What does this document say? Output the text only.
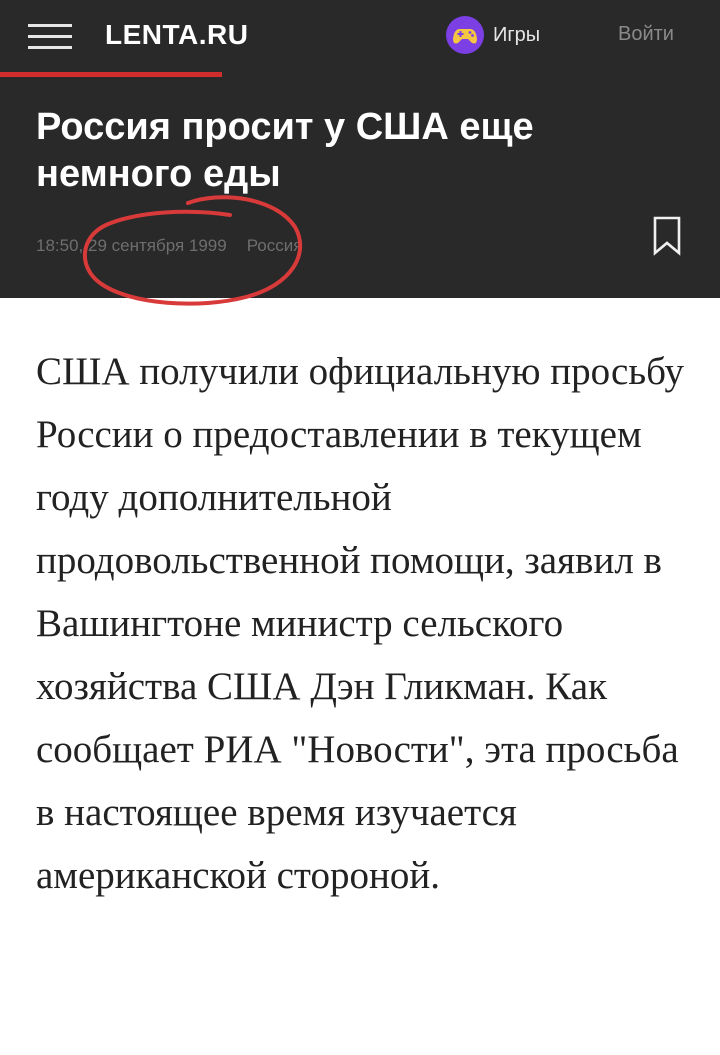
LENTA.RU	Игры	Войти
Россия просит у США еще немного еды
18:50, 29 сентября 1999 Россия

США получили официальную просьбу России о предоставлении в текущем году дополнительной продовольственной помощи, заявил в Вашингтоне министр сельского хозяйства США Дэн Гликман. Как сообщает РИА "Новости", эта просьба в настоящее время изучается американской стороной.
